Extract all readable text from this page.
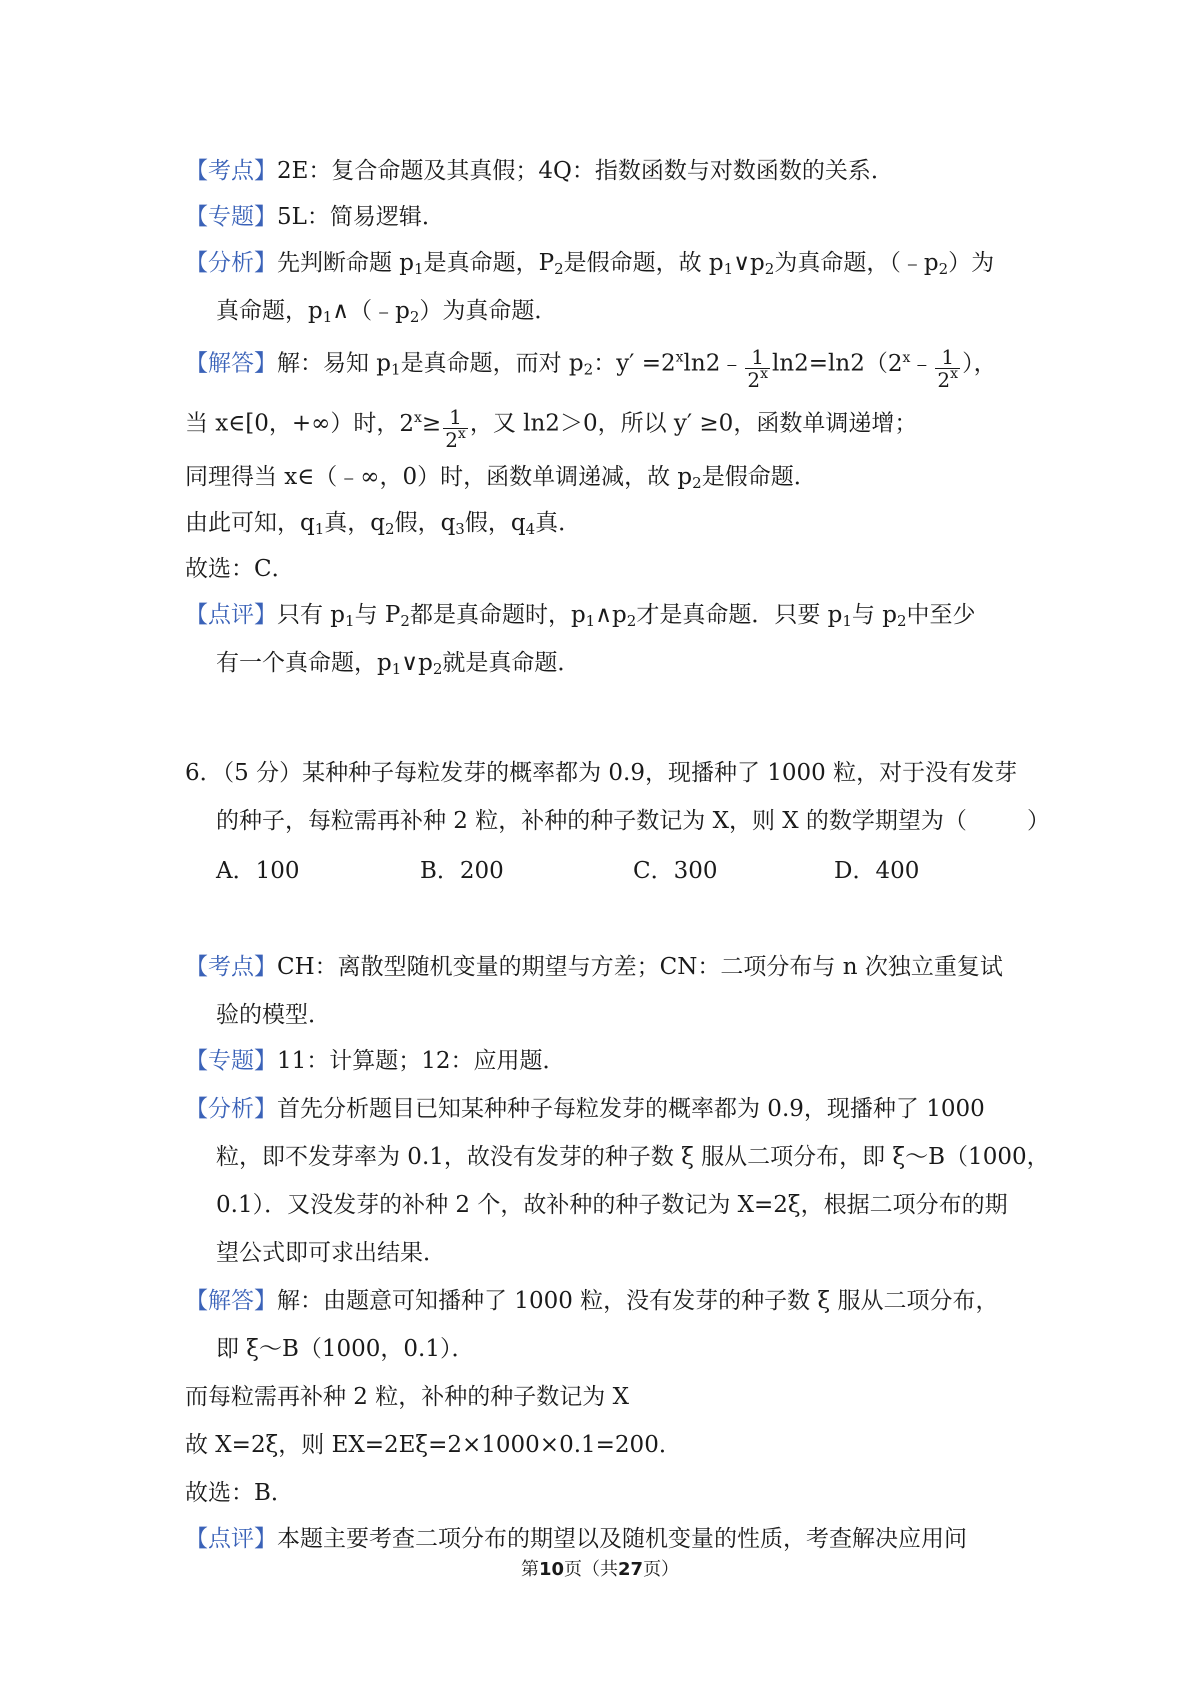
【考点】2E：复合命题及其真假；4Q：指数函数与对数函数的关系．
【专题】5L：简易逻辑．
【分析】先判断命题 $p_1$是真命题，$P_2$是假命题，故 $p_1\vee p_2$为真命题，$(﹣p_2)$为
真命题，$p_1\wedge(﹣p_2)$为真命题．
【解答】解：易知 $p_1$是真命题，而对 $p_2$：$y' =2^x\ln 2﹣ \frac{1}{2^x}$ $\ln 2=\ln 2(2^x﹣ \frac{1}{2^x}$ ），
当 x∈[0，+∞）时，$2^x\ge \frac{1}{2^x}$ ，又 ln2＞0，所以 y′ ≥0，函数单调递增；
同理得当 x∈（﹣∞，0）时，函数单调递减，故 $p_2$是假命题．
由此可知，$q_1$真，$q_2$假，$q_3$假，$q_4$真．
故选：C．
【点评】只有 $p_1$与 $P_2$都是真命题时，$p_1\wedge p_2$才是真命题．只要 $p_1$与 $p_2$中至少
有一个真命题，$p_1\vee p_2$就是真命题．
6．（5 分）某种种子每粒发芽的概率都为 0.9，现播种了 1000 粒，对于没有发芽
的种子，每粒需再补种 2 粒，补种的种子数记为 X，则 X 的数学期望为（	）
A．100	B．200	C．300	D．400
【考点】CH：离散型随机变量的期望与方差；CN：二项分布与 n 次独立重复试
验的模型．
【专题】11：计算题；12：应用题．
【分析】首先分析题目已知某种种子每粒发芽的概率都为 0.9，现播种了 1000
粒，即不发芽率为 0.1，故没有发芽的种子数 ξ 服从二项分布，即 ξ～B（1000，
0.1）．又没发芽的补种 2 个，故补种的种子数记为 X=2ξ，根据二项分布的期
望公式即可求出结果．
【解答】解：由题意可知播种了 1000 粒，没有发芽的种子数 ξ 服从二项分布，
即 ξ～B（1000，0.1）．
而每粒需再补种 2 粒，补种的种子数记为 X
故 X=2ξ，则 EX=2Eξ=2×1000×0.1=200．
故选：B．
【点评】本题主要考查二项分布的期望以及随机变量的性质，考查解决应用问
第10页（共27页）
